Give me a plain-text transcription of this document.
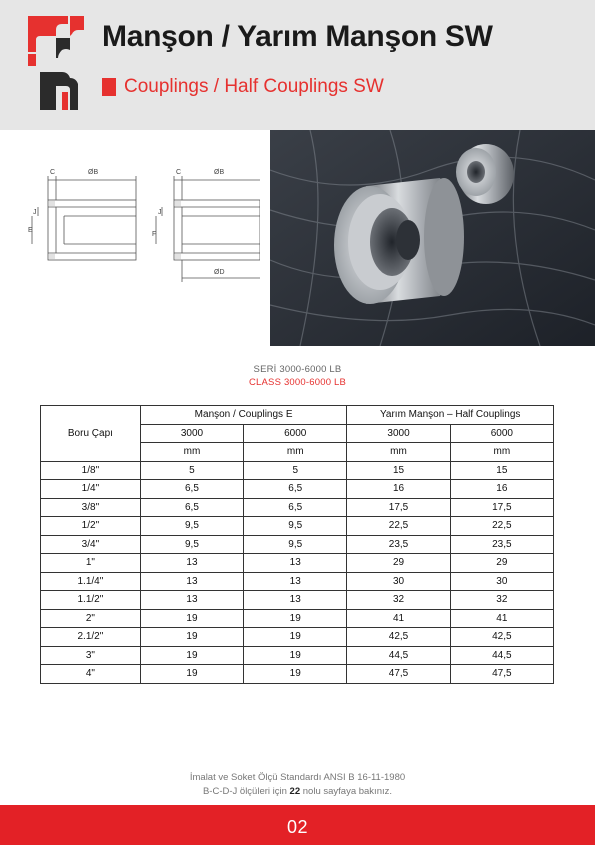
Manşon / Yarım Manşon SW
Couplings / Half Couplings SW
C	ØB
J
E
C	ØB
J
F
ØD
SERİ 3000-6000 LB
CLASS 3000-6000 LB
Boru Çapı	Manşon / Couplings E		Yarım Manşon – Half Couplings	
	3000	6000	3000	6000
	mm	mm	mm	mm
1/8"	5	5	15	15
1/4"	6,5	6,5	16	16
3/8"	6,5	6,5	17,5	17,5
1/2"	9,5	9,5	22,5	22,5
3/4"	9,5	9,5	23,5	23,5
1"	13	13	29	29
1.1/4"	13	13	30	30
1.1/2"	13	13	32	32
2"	19	19	41	41
2.1/2"	19	19	42,5	42,5
3"	19	19	44,5	44,5
4"	19	19	47,5	47,5
İmalat ve Soket Ölçü Standardı ANSI B 16-11-1980
B-C-D-J ölçüleri için 22 nolu sayfaya bakınız.
02
